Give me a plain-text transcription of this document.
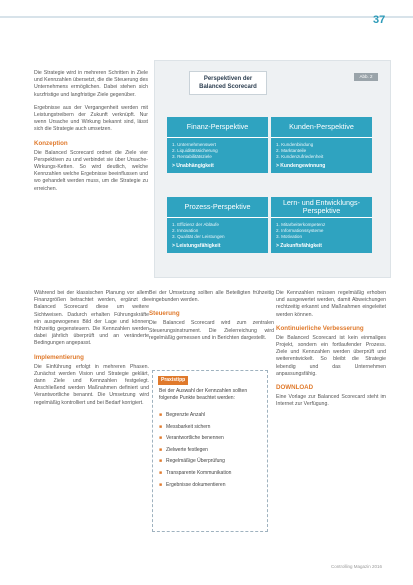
37

Die Strategie wird in mehreren Schritten in Ziele und Kennzahlen übersetzt, die die Steuerung des Unternehmens ermöglichen. Dabei stehen sich kurzfristige und langfristige Ziele gegenüber.

Ergebnisse aus der Vergangenheit werden mit Leistungstreibern der Zukunft verknüpft. Nur wenn Ursache und Wirkung bekannt sind, lässt sich die Strategie auch umsetzen.

Konzeption

Die Balanced Scorecard ordnet die Ziele vier Perspektiven zu und verbindet sie über Ursache-Wirkungs-Ketten. So wird deutlich, welche Kennzahlen welche Ergebnisse beeinflussen und wo gehandelt werden muss, um die Strategie zu erreichen.

Perspektiven der Balanced Scorecard
Abb. 2
Finanz-Perspektive
1. Unternehmenswert
2. Liquiditätssicherung
3. Rentabilitätsziele
> Unabhängigkeit
Kunden-Perspektive
1. Kundenbindung
2. Marktanteile
3. Kundenzufriedenheit
> Kundengewinnung
Prozess-Perspektive
1. Effizienz der Abläufe
2. Innovation
3. Qualität der Leistungen
> Leistungsfähigkeit
Lern- und Entwicklungs-Perspektive
1. Mitarbeiterkompetenz
2. Informationssysteme
3. Motivation
> Zukunftsfähigkeit

Während bei der klassischen Planung vor allem Finanzgrößen betrachtet werden, ergänzt die Balanced Scorecard diese um weitere Sichtweisen. Dadurch erhalten Führungskräfte ein ausgewogenes Bild der Lage und können frühzeitig gegensteuern. Die Kennzahlen werden dabei jährlich überprüft und an veränderte Bedingungen angepasst.

Implementierung

Die Einführung erfolgt in mehreren Phasen. Zunächst werden Vision und Strategie geklärt, dann Ziele und Kennzahlen festgelegt. Anschließend werden Maßnahmen definiert und Verantwortliche benannt. Die Umsetzung wird regelmäßig kontrolliert und bei Bedarf korrigiert.

Bei der Umsetzung sollten alle Beteiligten frühzeitig eingebunden werden.

Steuerung

Die Balanced Scorecard wird zum zentralen Steuerungsinstrument. Die Zielerreichung wird regelmäßig gemessen und in Berichten dargestellt.

Praxistipp
Bei der Auswahl der Kennzahlen sollten folgende Punkte beachtet werden:
■ Begrenzte Anzahl
■ Messbarkeit sichern
■ Verantwortliche benennen
■ Zielwerte festlegen
■ Regelmäßige Überprüfung
■ Transparente Kommunikation
■ Ergebnisse dokumentieren

Die Kennzahlen müssen regelmäßig erhoben und ausgewertet werden, damit Abweichungen rechtzeitig erkannt und Maßnahmen eingeleitet werden können.

Kontinuierliche Verbesserung

Die Balanced Scorecard ist kein einmaliges Projekt, sondern ein fortlaufender Prozess. Ziele und Kennzahlen werden überprüft und weiterentwickelt. So bleibt die Strategie lebendig und das Unternehmen anpassungsfähig.

DOWNLOAD

Eine Vorlage zur Balanced Scorecard steht im Internet zur Verfügung.

Controlling Magazin 2016
